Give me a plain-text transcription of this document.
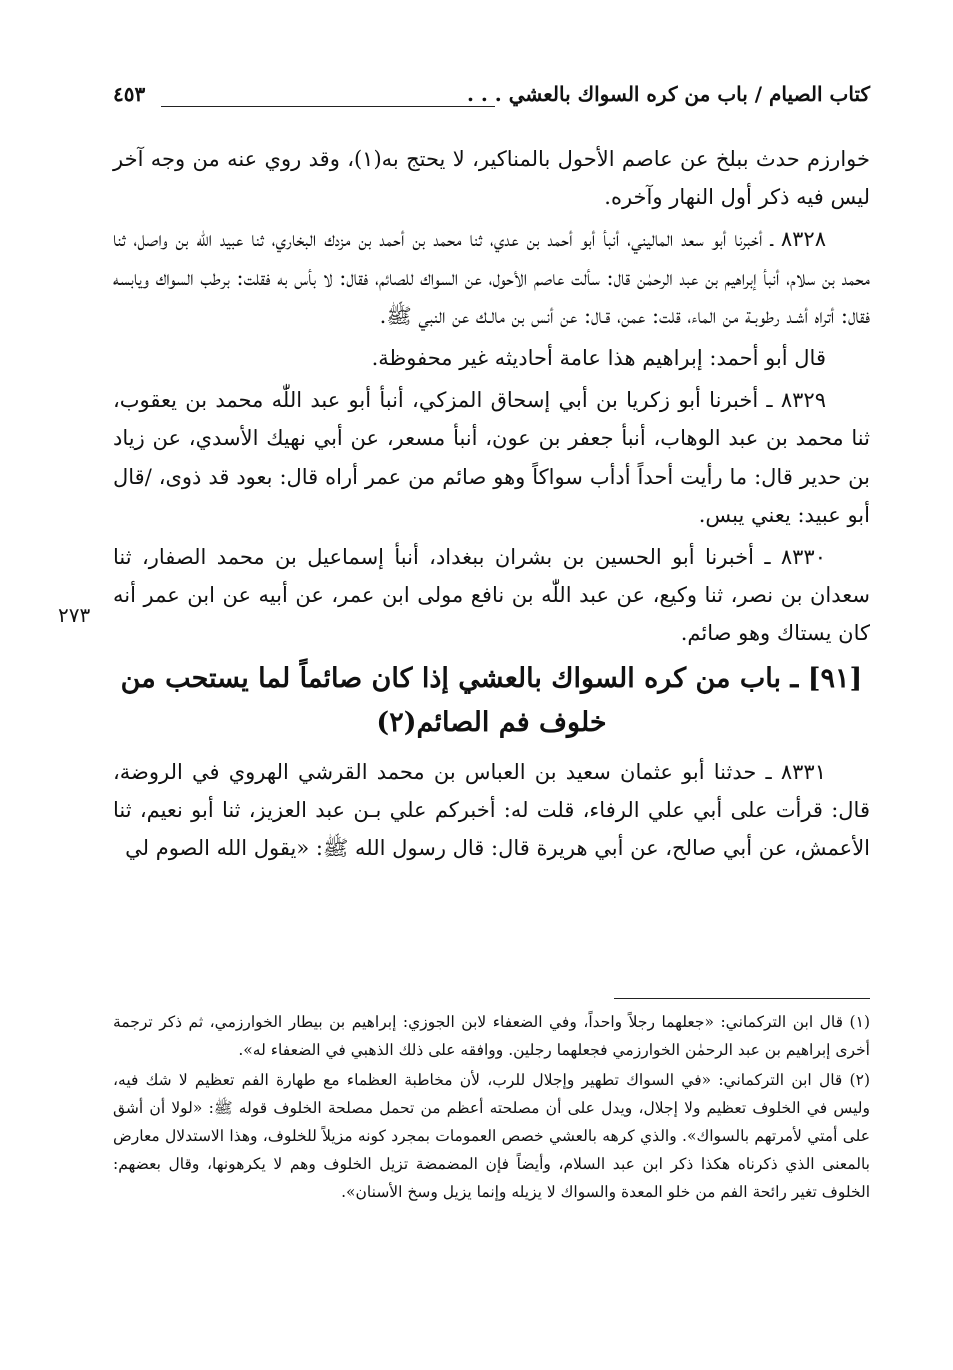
كتاب الصيام / باب من كره السواك بالعشي . . .
٤٥٣
٢٧٣

خوارزم حدث ببلخ عن عاصم الأحول بالمناكير، لا يحتج به(١)، وقد روي عنه من وجه آخر ليس فيه ذكر أول النهار وآخره.

٨٣٢٨ ـ أخبرنا أبو سعد الماليني، أنبأ أبو أحمد بن عدي، ثنا محمد بن أحمد بن مزدك البخاري، ثنا عبيد الله بن واصل، ثنا محمد بن سلام، أنبأ إبراهيم بن عبد الرحمٰن قال: سألت عاصم الأحول، عن السواك للصائم، فقال: لا بأس به فقلت: برطب السواك ويابسه فقال: أتراه أشـد رطوبـة من الماء، قلت: عمن، قـال: عن أنس بن مالـك عن النبي ﷺ.

قال أبو أحمد: إبراهيم هذا عامة أحاديثه غير محفوظة.

٨٣٢٩ ـ أخبرنا أبو زكريا بن أبي إسحاق المزكي، أنبأ أبو عبد اللّٰه محمد بن يعقوب، ثنا محمد بن عبد الوهاب، أنبأ جعفر بن عون، أنبأ مسعر، عن أبي نهيك الأسدي، عن زياد بن حدير قال: ما رأيت أحداً أدأب سواكاً وهو صائم من عمر أراه قال: بعود قد ذوى، /قال أبو عبيد: يعني يبس.

٨٣٣٠ ـ أخبرنا أبو الحسين بن بشران ببغداد، أنبأ إسماعيل بن محمد الصفار، ثنا سعدان بن نصر، ثنا وكيع، عن عبد اللّٰه بن نافع مولى ابن عمر، عن أبيه عن ابن عمر أنه كان يستاك وهو صائم.

[٩١] ـ باب من كره السواك بالعشي إذا كان صائماً لما يستحب من خلوف فم الصائم(٢)

٨٣٣١ ـ حدثنا أبو عثمان سعيد بن العباس بن محمد القرشي الهروي في الروضة، قال: قرأت على أبي علي الرفاء، قلت له: أخبركم علي بـن عبد العزيز، ثنا أبو نعيم، ثنا الأعمش، عن أبي صالح، عن أبي هريرة قال: قال رسول الله ﷺ: «يقول الله الصوم لي

(١) قال ابن التركماني: «جعلهما رجلاً واحداً، وفي الضعفاء لابن الجوزي: إبراهيم بن بيطار الخوارزمي، ثم ذكر ترجمة أخرى إبراهيم بن عبد الرحمٰن الخوارزمي فجعلهما رجلين. ووافقه على ذلك الذهبي في الضعفاء له».

(٢) قال ابن التركماني: «في السواك تطهير وإجلال للرب، لأن مخاطبة العظماء مع طهارة الفم تعظيم لا شك فيه، وليس في الخلوف تعظيم ولا إجلال، ويدل على أن مصلحته أعظم من تحمل مصلحة الخلوف قوله ﷺ: «لولا أن أشق على أمتي لأمرتهم بالسواك». والذي كرهه بالعشي خصص العمومات بمجرد كونه مزيلاً للخلوف، وهذا الاستدلال معارض بالمعنى الذي ذكرناه هكذا ذكر ابن عبد السلام، وأيضاً فإن المضمضة تزيل الخلوف وهم لا يكرهونها، وقال بعضهم: الخلوف تغير رائحة الفم من خلو المعدة والسواك لا يزيله وإنما يزيل وسخ الأسنان».
